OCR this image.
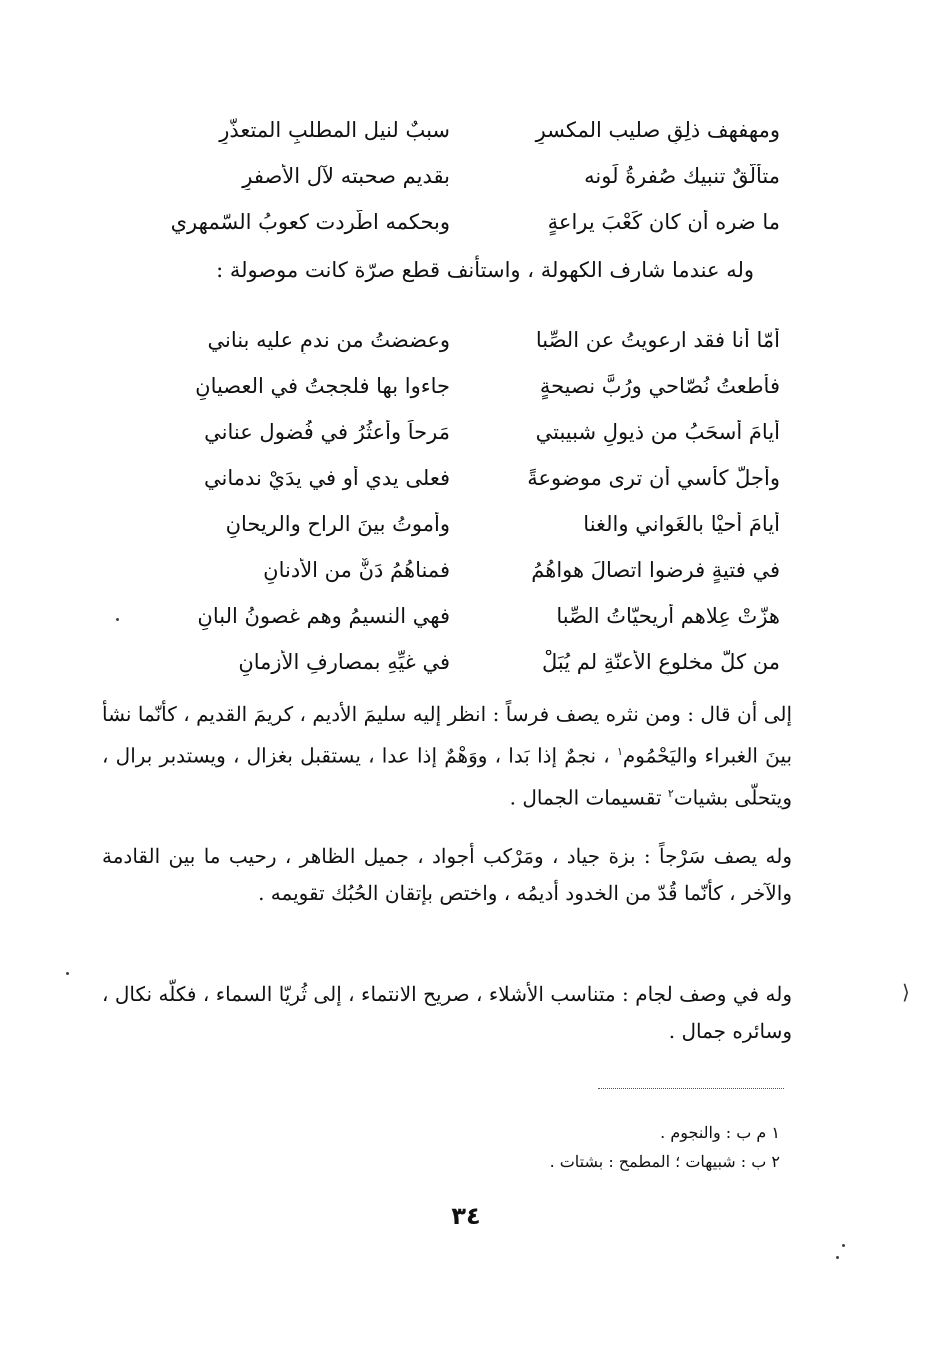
ومهفهف ذلِقٍ صليب المكسرِ
سببٌ لنيل المطلبِ المتعذّرِ
متألّقٌ تنبيك صُفرةُ لَونه
بقديم صحبته لآل الأصفرِ
ما ضره أن كان كَعْبَ يراعةٍ
وبحكمه اطّردت كعوبُ السّمهري
وله عندما شارف الكهولة ، واستأنف قطع صرّة كانت موصولة :
أمّا أنا فقد ارعويتُ عن الصِّبا
وعضضتُ من ندمٍ عليه بناني
فأطعتُ نُصّاحي ورُبَّ نصيحةٍ
جاءوا بها فلججتُ في العصيانِ
أيامَ أسحَبُ من ذيولِ شبيبتي
مَرحاً وأعثُرُ في فُضول عناني
وأُجلُّ كأسي أن ترى موضوعةً
فعلى يدي أو في يدَيْ ندماني
أيامَ أحيْا بالغَواني والغنا
وأموتُ بينَ الراح والريحانِ
في فتيةٍ فرضوا اتصالَ هواهُمُ
فمناهُمُ دَنٌّ من الأدنانِ
هزّتْ عِلاهم أريحيّاتُ الصِّبا
فهي النسيمُ وهم غصونُ البانِ
من كلّ مخلوعِ الأعنّةِ لم يُبَلْ
في غيِّهِ بمصارفِ الأزمانِ
إلى أن قال : ومن نثره يصف فرساً : انظر إليه سليمَ الأديم ، كريمَ القديم ، كأنّما نشأ بينَ الغبراء واليَحْمُوم$^١$ ، نجمٌ إذا بَدا ، ووَهْمٌ إذا عدا ، يستقبل بغزال ، ويستدبر برال ، ويتحلّى بشيات$^٢$ تقسيمات الجمال .
وله يصف سَرْجاً : بزة جياد ، ومَرْكب أجواد ، جميل الظاهر ، رحيب ما بين القادمة والآخر ، كأنّما قُدّ من الخدود أديمُه ، واختص بإتقان الحُبُك تقويمه .
وله في وصف لجام : متناسب الأشلاء ، صريح الانتماء ، إلى ثُريّا السماء ، فكلّه نكال ، وسائره جمال .
١ م ب : والنجوم .
٢ ب : شبيهات ؛ المطمح : بشتات .
٣٤
⟩
